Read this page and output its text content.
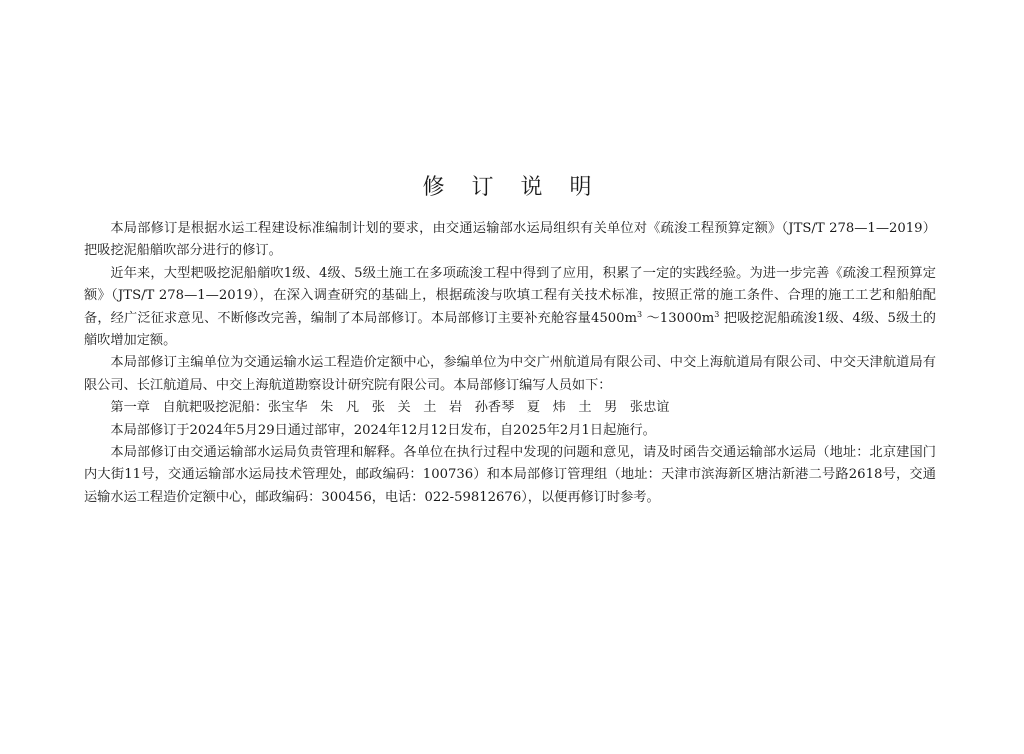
修 订 说 明

本局部修订是根据水运工程建设标准编制计划的要求，由交通运输部水运局组织有关单位对《疏浚工程预算定额》（JTS/T 278—1—2019）把吸挖泥船艏吹部分进行的修订。

近年来，大型耙吸挖泥船艏吹1级、4级、5级土施工在多项疏浚工程中得到了应用，积累了一定的实践经验。为进一步完善《疏浚工程预算定额》（JTS/T 278—1—2019），在深入调查研究的基础上，根据疏浚与吹填工程有关技术标准，按照正常的施工条件、合理的施工工艺和船舶配备，经广泛征求意见、不断修改完善，编制了本局部修订。本局部修订主要补充舱容量$4500m^3$ $\sim 13000m^3$ 把吸挖泥船疏浚1级、4级、5级土的艏吹增加定额。

本局部修订主编单位为交通运输水运工程造价定额中心，参编单位为中交广州航道局有限公司、中交上海航道局有限公司、中交天津航道局有限公司、长江航道局、中交上海航道勘察设计研究院有限公司。本局部修订编写人员如下：

第一章   自航耙吸挖泥船：张宝华   朱   凡   张   关   土   岩   孙香琴   夏   炜   土   男   张忠谊

本局部修订于2024年5月29日通过部审，2024年12月12日发布，自2025年2月1日起施行。

本局部修订由交通运输部水运局负责管理和解释。各单位在执行过程中发现的问题和意见，请及时函告交通运输部水运局（地址：北京建国门内大街11号，交通运输部水运局技术管理处，邮政编码：100736）和本局部修订管理组（地址：天津市滨海新区塘沽新港二号路2618号，交通运输水运工程造价定额中心，邮政编码：300456，电话：022-59812676），以便再修订时参考。
